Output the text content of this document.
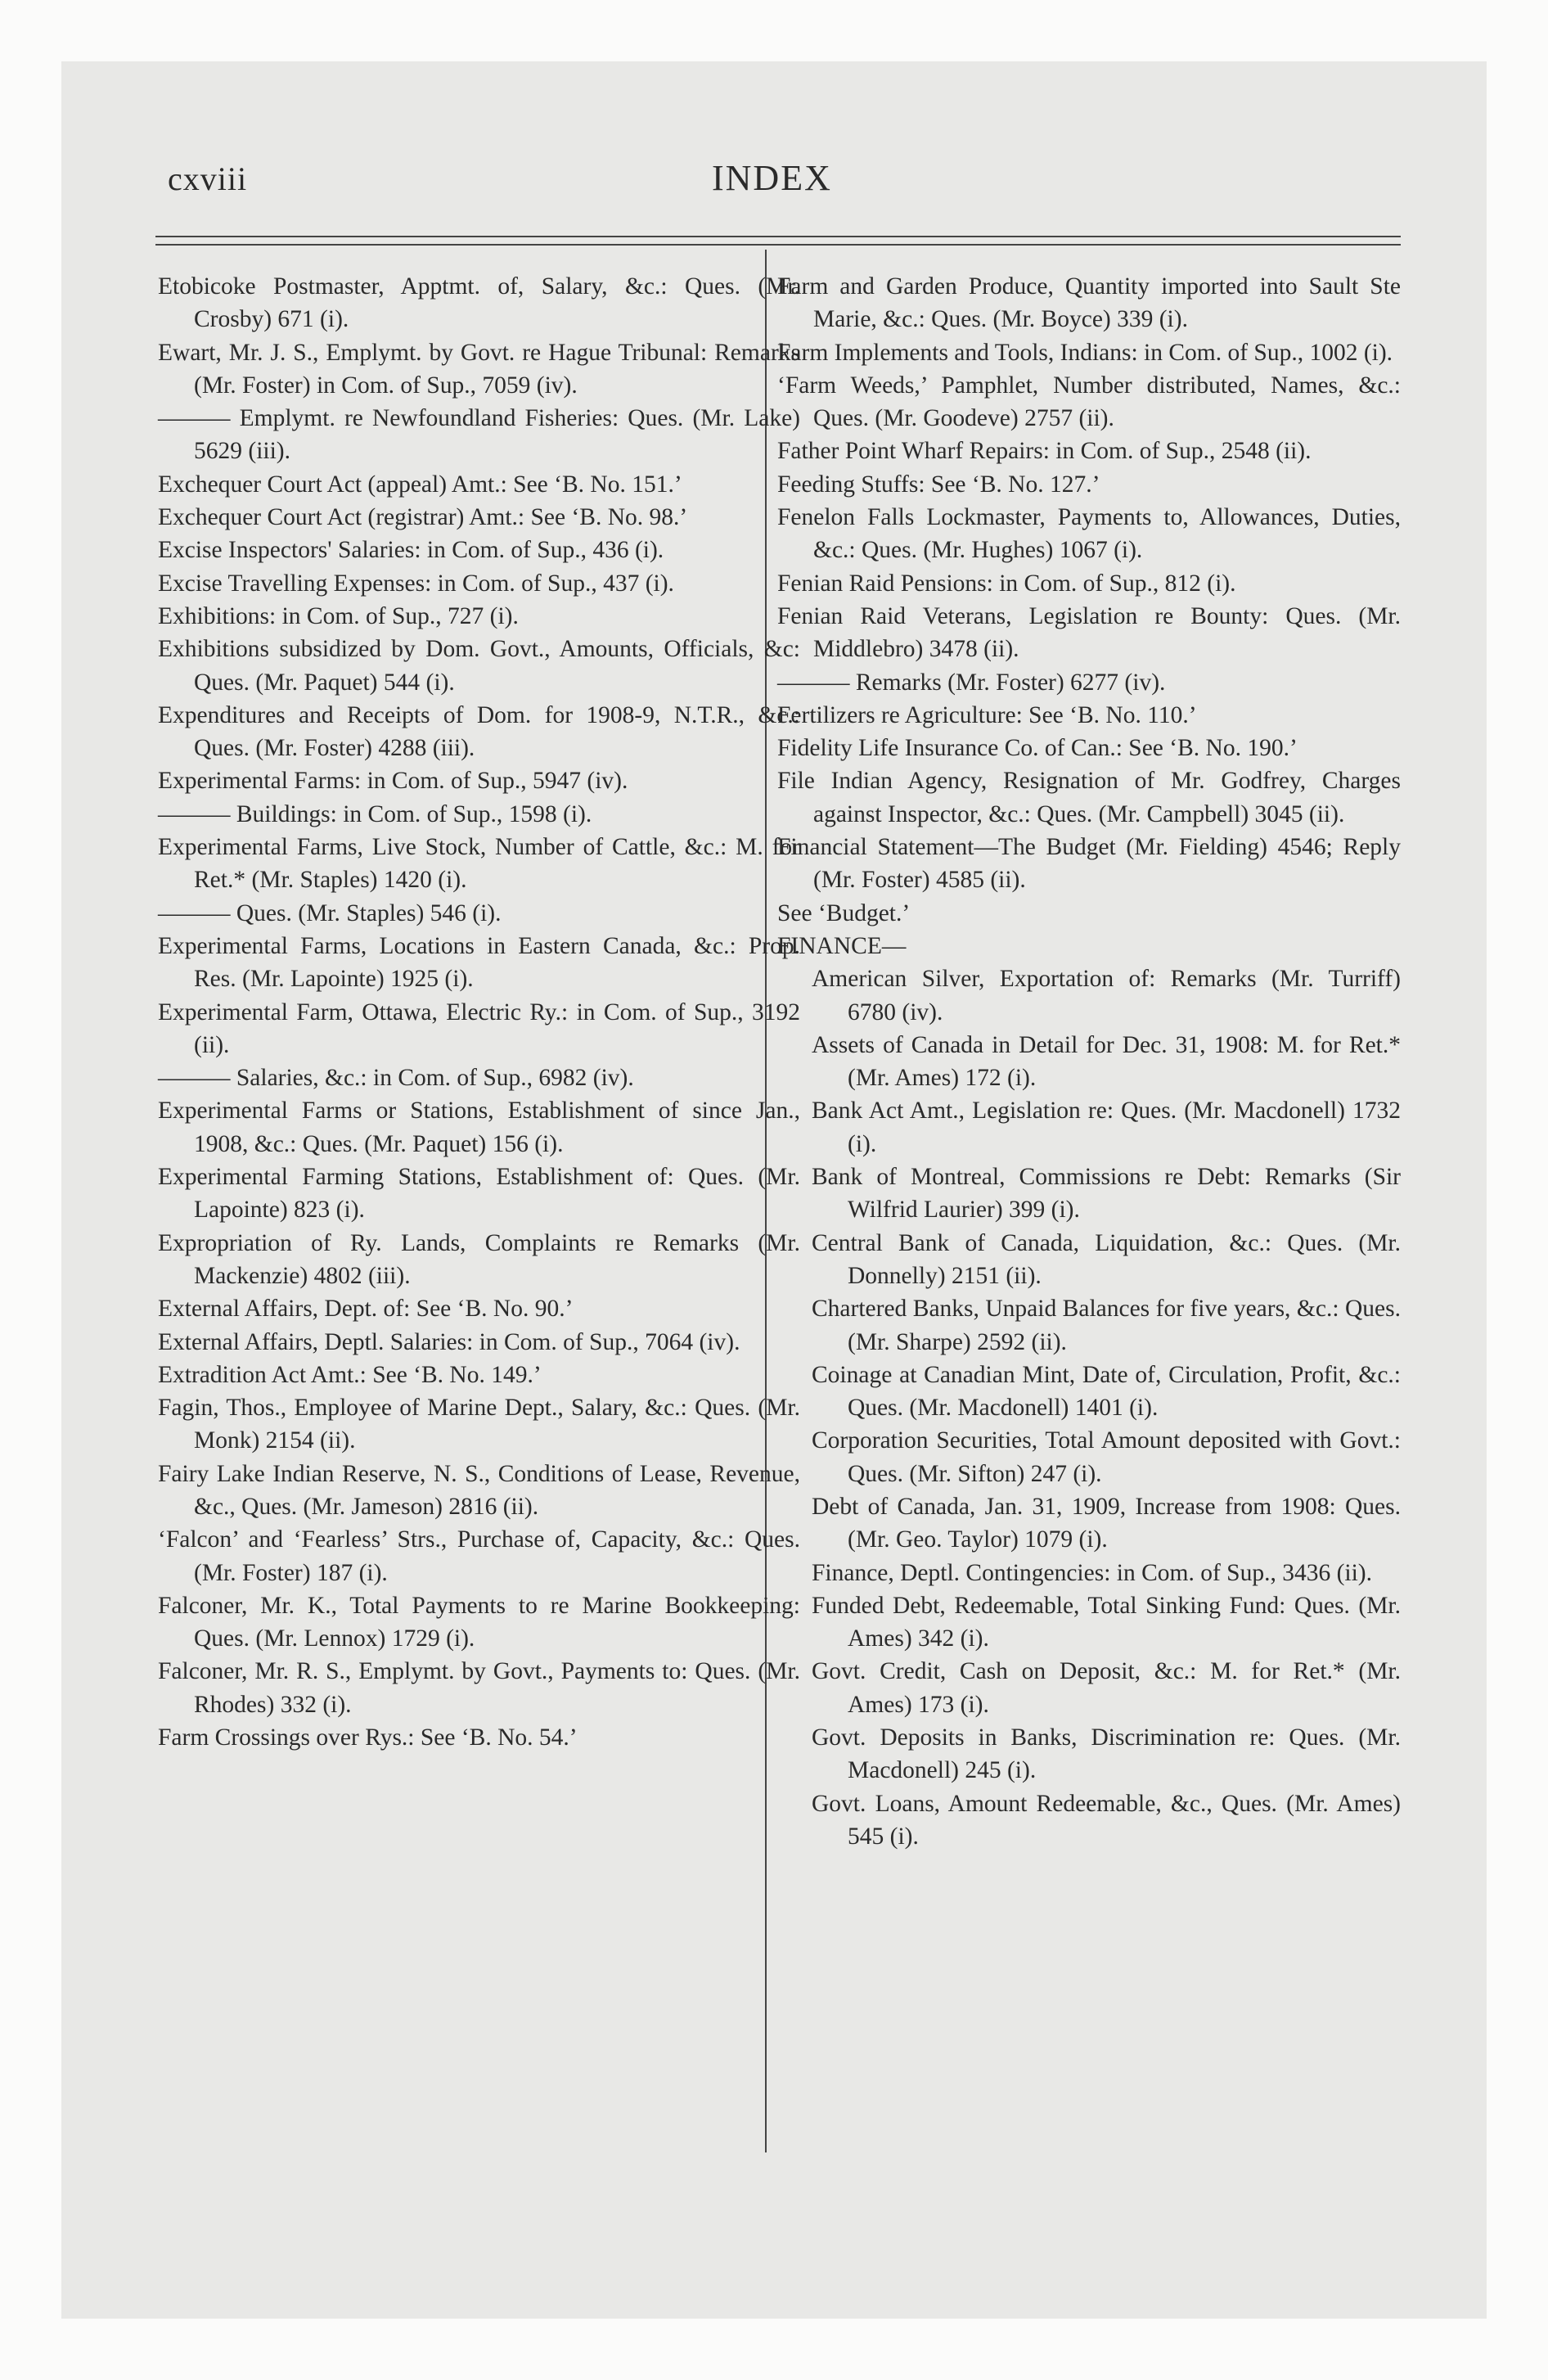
cxviii	INDEX

Etobicoke Postmaster, Apptmt. of, Salary, &c.: Ques. (Mr. Crosby) 671 (i).

Ewart, Mr. J. S., Emplymt. by Govt. re Hague Tribunal: Remarks (Mr. Foster) in Com. of Sup., 7059 (iv).

——— Emplymt. re Newfoundland Fisheries: Ques. (Mr. Lake) 5629 (iii).

Exchequer Court Act (appeal) Amt.: See ‘B. No. 151.’

Exchequer Court Act (registrar) Amt.: See ‘B. No. 98.’

Excise Inspectors' Salaries: in Com. of Sup., 436 (i).

Excise Travelling Expenses: in Com. of Sup., 437 (i).

Exhibitions: in Com. of Sup., 727 (i).

Exhibitions subsidized by Dom. Govt., Amounts, Officials, &c: Ques. (Mr. Paquet) 544 (i).

Expenditures and Receipts of Dom. for 1908-9, N.T.R., &c.: Ques. (Mr. Foster) 4288 (iii).

Experimental Farms: in Com. of Sup., 5947 (iv).

——— Buildings: in Com. of Sup., 1598 (i).

Experimental Farms, Live Stock, Number of Cattle, &c.: M. for Ret.* (Mr. Staples) 1420 (i).

——— Ques. (Mr. Staples) 546 (i).

Experimental Farms, Locations in Eastern Canada, &c.: Prop. Res. (Mr. Lapointe) 1925 (i).

Experimental Farm, Ottawa, Electric Ry.: in Com. of Sup., 3192 (ii).

——— Salaries, &c.: in Com. of Sup., 6982 (iv).

Experimental Farms or Stations, Establishment of since Jan., 1908, &c.: Ques. (Mr. Paquet) 156 (i).

Experimental Farming Stations, Establishment of: Ques. (Mr. Lapointe) 823 (i).

Expropriation of Ry. Lands, Complaints re Remarks (Mr. Mackenzie) 4802 (iii).

External Affairs, Dept. of: See ‘B. No. 90.’

External Affairs, Deptl. Salaries: in Com. of Sup., 7064 (iv).

Extradition Act Amt.: See ‘B. No. 149.’

Fagin, Thos., Employee of Marine Dept., Salary, &c.: Ques. (Mr. Monk) 2154 (ii).

Fairy Lake Indian Reserve, N. S., Conditions of Lease, Revenue, &c., Ques. (Mr. Jameson) 2816 (ii).

‘Falcon’ and ‘Fearless’ Strs., Purchase of, Capacity, &c.: Ques. (Mr. Foster) 187 (i).

Falconer, Mr. K., Total Payments to re Marine Bookkeeping: Ques. (Mr. Lennox) 1729 (i).

Falconer, Mr. R. S., Emplymt. by Govt., Payments to: Ques. (Mr. Rhodes) 332 (i).

Farm Crossings over Rys.: See ‘B. No. 54.’

Farm and Garden Produce, Quantity imported into Sault Ste Marie, &c.: Ques. (Mr. Boyce) 339 (i).

Farm Implements and Tools, Indians: in Com. of Sup., 1002 (i).

‘Farm Weeds,’ Pamphlet, Number distributed, Names, &c.: Ques. (Mr. Goodeve) 2757 (ii).

Father Point Wharf Repairs: in Com. of Sup., 2548 (ii).

Feeding Stuffs: See ‘B. No. 127.’

Fenelon Falls Lockmaster, Payments to, Allowances, Duties, &c.: Ques. (Mr. Hughes) 1067 (i).

Fenian Raid Pensions: in Com. of Sup., 812 (i).

Fenian Raid Veterans, Legislation re Bounty: Ques. (Mr. Middlebro) 3478 (ii).

——— Remarks (Mr. Foster) 6277 (iv).

Fertilizers re Agriculture: See ‘B. No. 110.’

Fidelity Life Insurance Co. of Can.: See ‘B. No. 190.’

File Indian Agency, Resignation of Mr. Godfrey, Charges against Inspector, &c.: Ques. (Mr. Campbell) 3045 (ii).

Financial Statement—The Budget (Mr. Fielding) 4546; Reply (Mr. Foster) 4585 (ii).

See ‘Budget.’

FINANCE—

American Silver, Exportation of: Remarks (Mr. Turriff) 6780 (iv).

Assets of Canada in Detail for Dec. 31, 1908: M. for Ret.* (Mr. Ames) 172 (i).

Bank Act Amt., Legislation re: Ques. (Mr. Macdonell) 1732 (i).

Bank of Montreal, Commissions re Debt: Remarks (Sir Wilfrid Laurier) 399 (i).

Central Bank of Canada, Liquidation, &c.: Ques. (Mr. Donnelly) 2151 (ii).

Chartered Banks, Unpaid Balances for five years, &c.: Ques. (Mr. Sharpe) 2592 (ii).

Coinage at Canadian Mint, Date of, Circulation, Profit, &c.: Ques. (Mr. Macdonell) 1401 (i).

Corporation Securities, Total Amount deposited with Govt.: Ques. (Mr. Sifton) 247 (i).

Debt of Canada, Jan. 31, 1909, Increase from 1908: Ques. (Mr. Geo. Taylor) 1079 (i).

Finance, Deptl. Contingencies: in Com. of Sup., 3436 (ii).

Funded Debt, Redeemable, Total Sinking Fund: Ques. (Mr. Ames) 342 (i).

Govt. Credit, Cash on Deposit, &c.: M. for Ret.* (Mr. Ames) 173 (i).

Govt. Deposits in Banks, Discrimination re: Ques. (Mr. Macdonell) 245 (i).

Govt. Loans, Amount Redeemable, &c., Ques. (Mr. Ames) 545 (i).
